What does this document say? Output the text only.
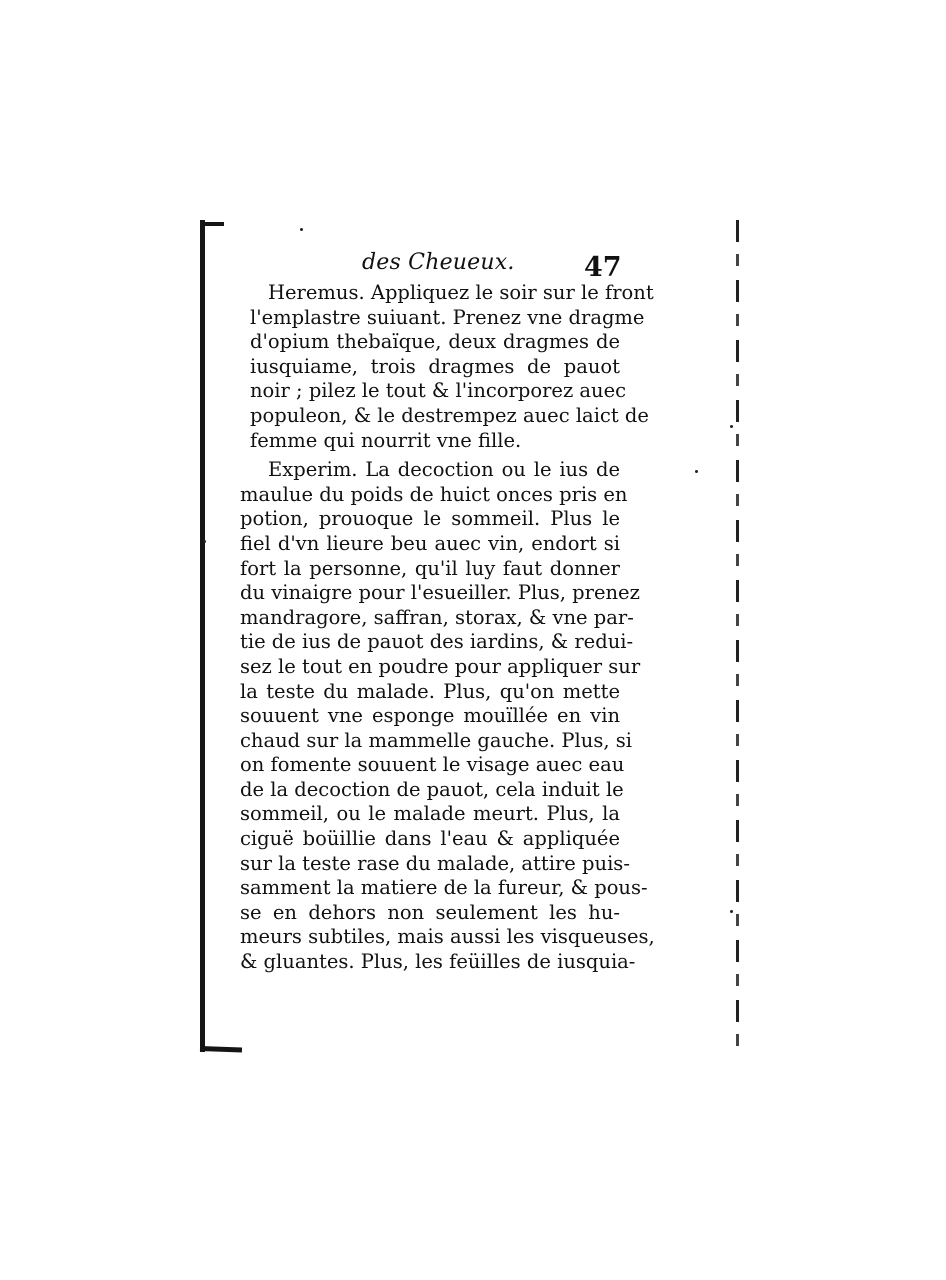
des Cheueux.	47
Heremus. Appliquez le soir sur le front
l'emplastre suiuant. Prenez vne dragme
d'opium thebaïque, deux dragmes de
iusquiame, trois dragmes de pauot
noir ; pilez le tout & l'incorporez auec
populeon, & le destrempez auec laict de
femme qui nourrit vne fille.
Experim. La decoction ou le ius de
maulue du poids de huict onces pris en
potion, prouoque le sommeil. Plus le
fiel d'vn lieure beu auec vin, endort si
fort la personne, qu'il luy faut donner
du vinaigre pour l'esueiller. Plus, prenez
mandragore, saffran, storax, & vne par-
tie de ius de pauot des iardins, & redui-
sez le tout en poudre pour appliquer sur
la teste du malade. Plus, qu'on mette
souuent vne esponge mouïllée en vin
chaud sur la mammelle gauche. Plus, si
on fomente souuent le visage auec eau
de la decoction de pauot, cela induit le
sommeil, ou le malade meurt. Plus, la
ciguë boüillie dans l'eau & appliquée
sur la teste rase du malade, attire puis-
samment la matiere de la fureur, & pous-
se en dehors non seulement les hu-
meurs subtiles, mais aussi les visqueuses,
& gluantes. Plus, les feüilles de iusquia-
